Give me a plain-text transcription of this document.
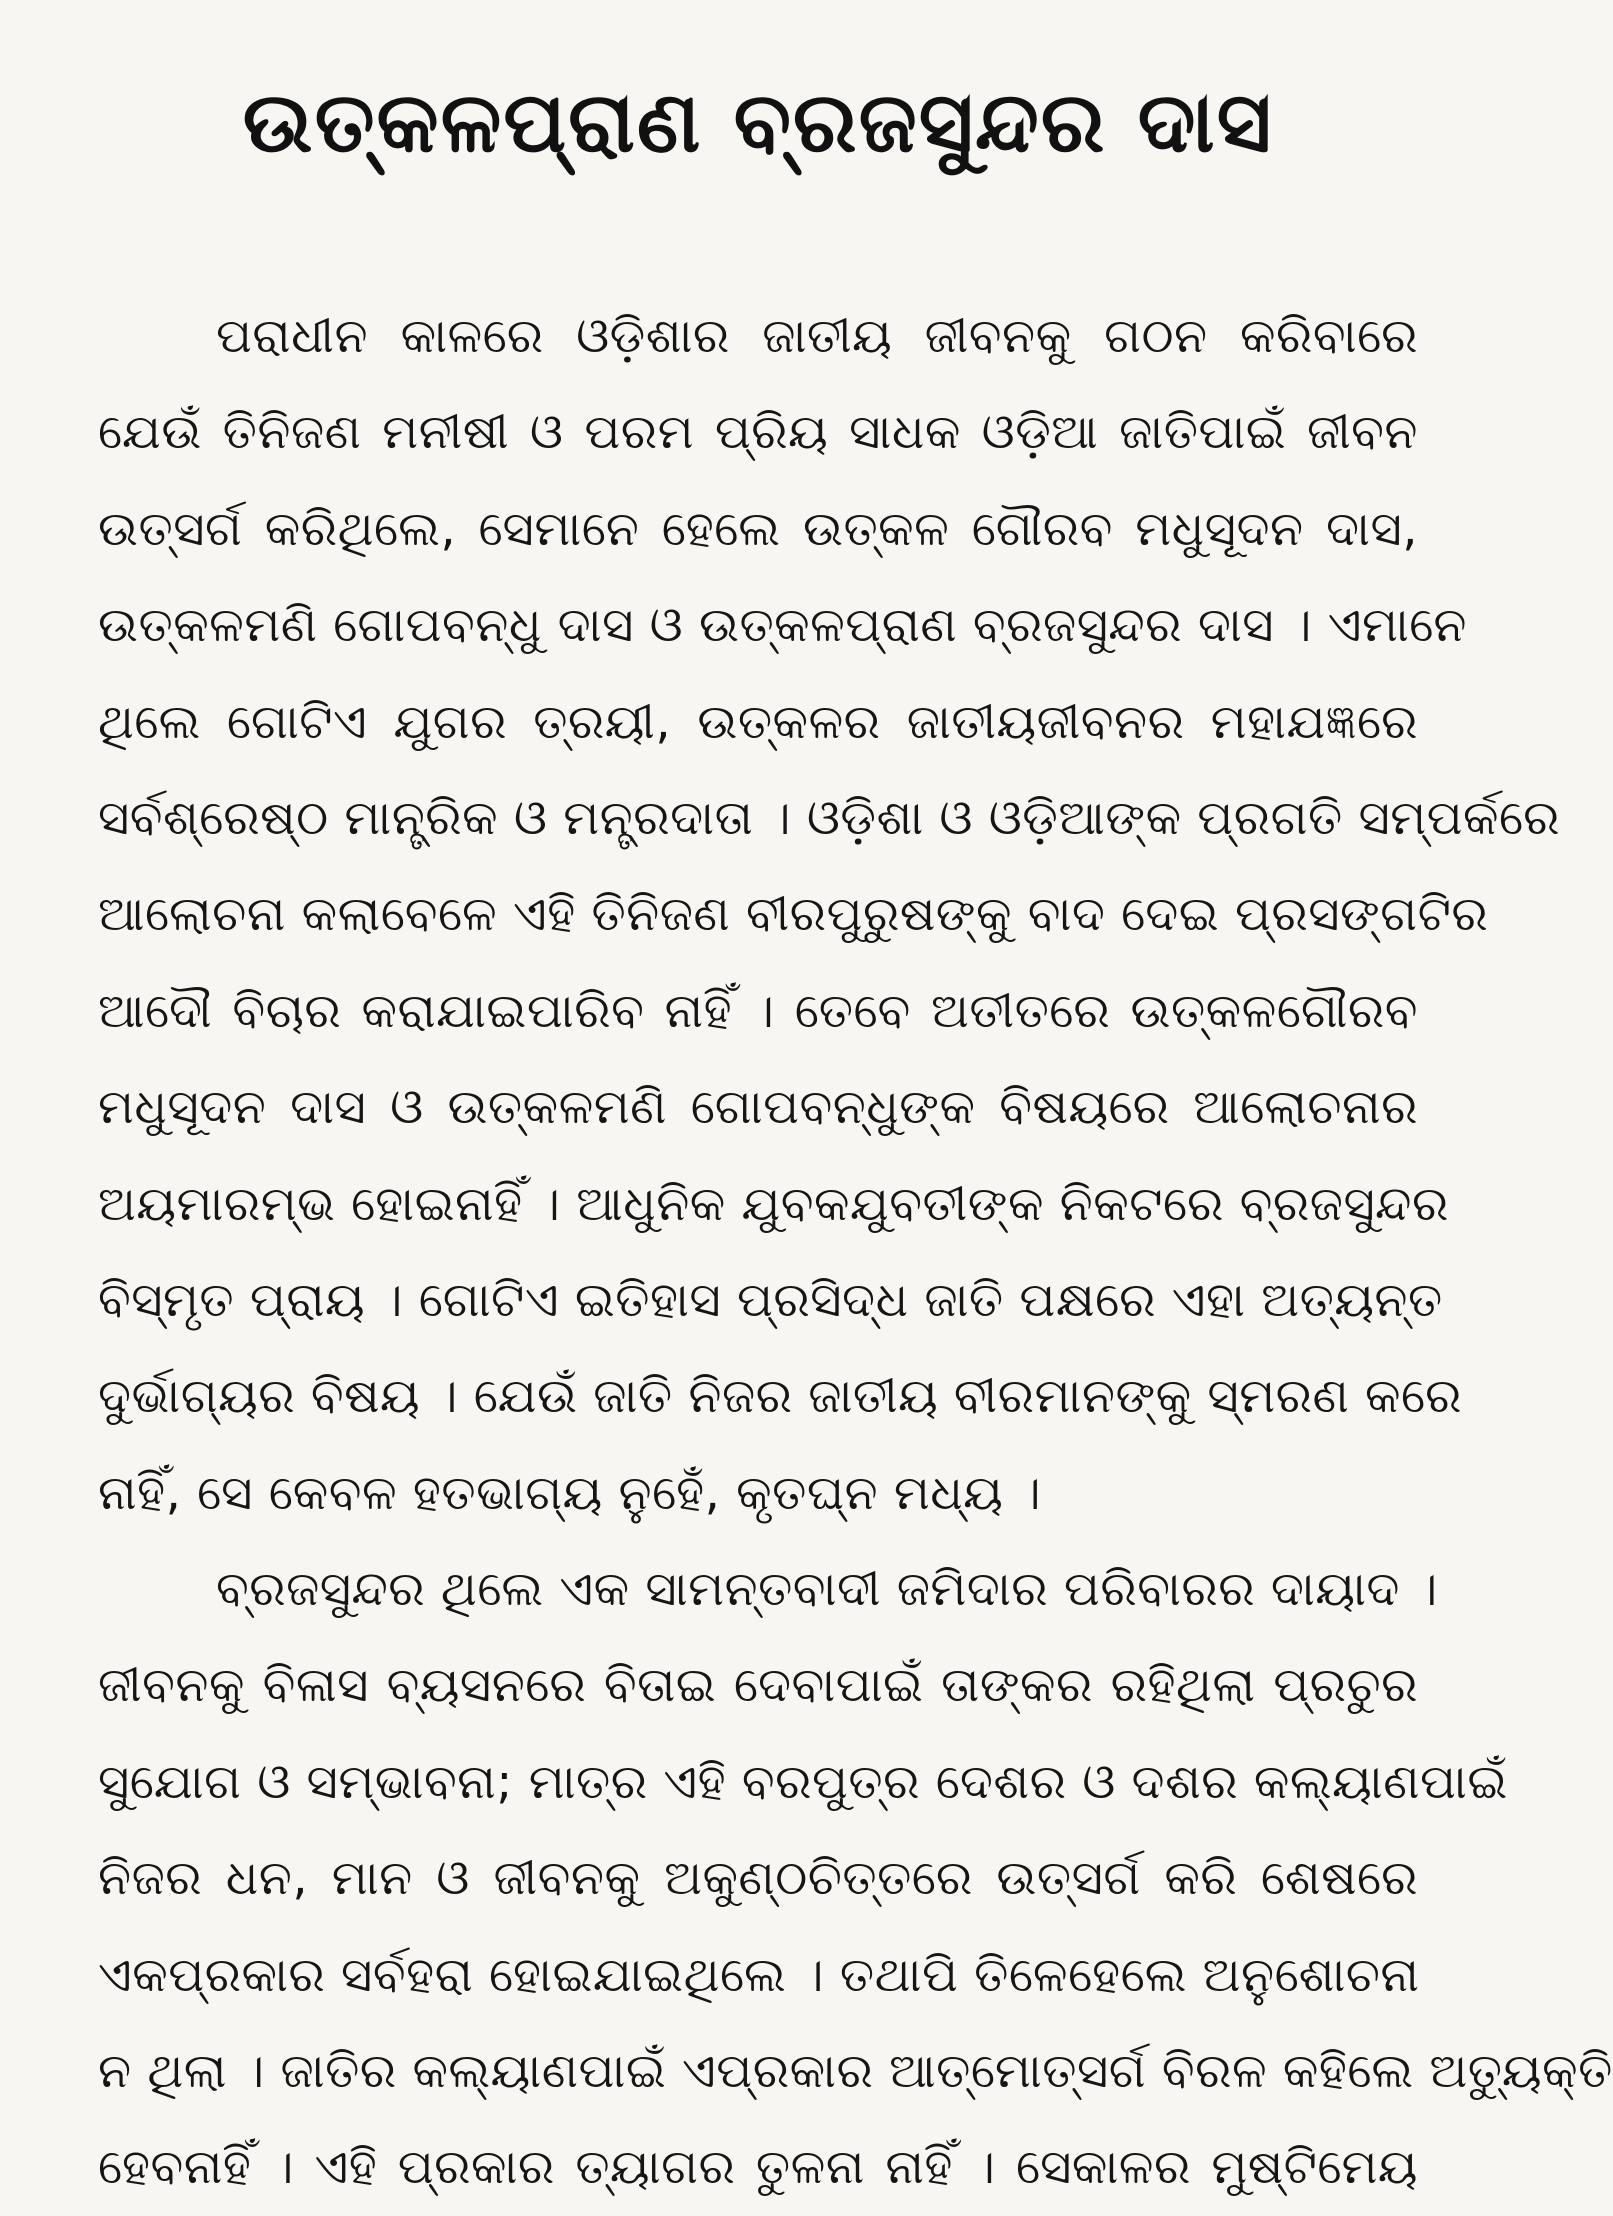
ଉତ୍କଳପ୍ରାଣ ବ୍ରଜସୁନ୍ଦର ଦାସ
ପରାଧୀନ କାଳରେ ଓଡ଼ିଶାର ଜାତୀୟ ଜୀବନକୁ ଗଠନ କରିବାରେ
ଯେଉଁ ତିନିଜଣ ମନୀଷୀ ଓ ପରମ ପ୍ରିୟ ସାଧକ ଓଡ଼ିଆ ଜାତିପାଇଁ ଜୀବନ
ଉତ୍ସର୍ଗ କରିଥିଲେ, ସେମାନେ ହେଲେ ଉତ୍କଳ ଗୌରବ ମଧୁସୂଦନ ଦାସ,
ଉତ୍କଳମଣି ଗୋପବନ୍ଧୁ ଦାସ ଓ ଉତ୍କଳପ୍ରାଣ ବ୍ରଜସୁନ୍ଦର ଦାସ । ଏମାନେ
ଥିଲେ ଗୋଟିଏ ଯୁଗର ତ୍ରୟୀ, ଉତ୍କଳର ଜାତୀୟଜୀବନର ମହାଯଜ୍ଞରେ
ସର୍ବଶ୍ରେଷ୍ଠ ମାନ୍ତ୍ରିକ ଓ ମନ୍ତ୍ରଦାତା । ଓଡ଼ିଶା ଓ ଓଡ଼ିଆଙ୍କ ପ୍ରଗତି ସମ୍ପର୍କରେ
ଆଲୋଚନା କଲାବେଳେ ଏହି ତିନିଜଣ ବୀରପୁରୁଷଙ୍କୁ ବାଦ ଦେଇ ପ୍ରସଙ୍ଗଟିର
ଆଦୌ ବିଚାର କରାଯାଇପାରିବ ନାହିଁ । ତେବେ ଅତୀତରେ ଉତ୍କଳଗୌରବ
ମଧୁସୂଦନ ଦାସ ଓ ଉତ୍କଳମଣି ଗୋପବନ୍ଧୁଙ୍କ ବିଷୟରେ ଆଲୋଚନାର
ଅୟମାରମ୍ଭ ହୋଇନାହିଁ । ଆଧୁନିକ ଯୁବକଯୁବତୀଙ୍କ ନିକଟରେ ବ୍ରଜସୁନ୍ଦର
ବିସ୍ମୃତ ପ୍ରାୟ । ଗୋଟିଏ ଇତିହାସ ପ୍ରସିଦ୍ଧ ଜାତି ପକ୍ଷରେ ଏହା ଅତ୍ୟନ୍ତ
ଦୁର୍ଭାଗ୍ୟର ବିଷୟ । ଯେଉଁ ଜାତି ନିଜର ଜାତୀୟ ବୀରମାନଙ୍କୁ ସ୍ମରଣ କରେ
ନାହିଁ, ସେ କେବଳ ହତଭାଗ୍ୟ ନୁହେଁ, କୃତଘ୍ନ ମଧ୍ୟ ।
ବ୍ରଜସୁନ୍ଦର ଥିଲେ ଏକ ସାମନ୍ତବାଦୀ ଜମିଦାର ପରିବାରର ଦାୟାଦ ।
ଜୀବନକୁ ବିଳାସ ବ୍ୟସନରେ ବିତାଇ ଦେବାପାଇଁ ତାଙ୍କର ରହିଥିଲା ପ୍ରଚୁର
ସୁଯୋଗ ଓ ସମ୍ଭାବନା; ମାତ୍ର ଏହି ବରପୁତ୍ର ଦେଶର ଓ ଦଶର କଲ୍ୟାଣପାଇଁ
ନିଜର ଧନ, ମାନ ଓ ଜୀବନକୁ ଅକୁଣ୍ଠଚିତ୍ତରେ ଉତ୍ସର୍ଗ କରି ଶେଷରେ
ଏକପ୍ରକାର ସର୍ବହରା ହୋଇଯାଇଥିଲେ । ତଥାପି ତିଳେହେଲେ ଅନୁଶୋଚନା
ନ ଥିଲା । ଜାତିର କଲ୍ୟାଣପାଇଁ ଏପ୍ରକାର ଆତ୍ମୋତ୍ସର୍ଗ ବିରଳ କହିଲେ ଅତ୍ୟୁକ୍ତି
ହେବନାହିଁ । ଏହି ପ୍ରକାର ତ୍ୟାଗର ତୁଳନା ନାହିଁ । ସେକାଳର ମୁଷ୍ଟିମେୟ
